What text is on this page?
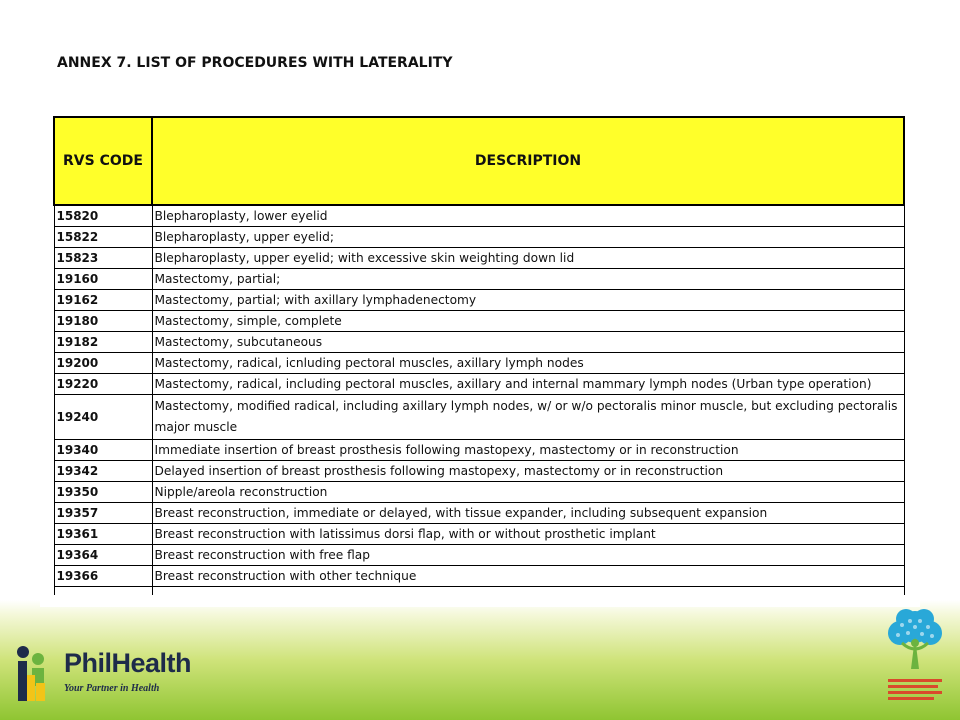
ANNEX 7. LIST OF PROCEDURES WITH LATERALITY
RVS CODE	DESCRIPTION
15820	Blepharoplasty, lower eyelid
15822	Blepharoplasty, upper eyelid;
15823	Blepharoplasty, upper eyelid; with excessive skin weighting down lid
19160	Mastectomy, partial;
19162	Mastectomy, partial; with axillary lymphadenectomy
19180	Mastectomy, simple, complete
19182	Mastectomy, subcutaneous
19200	Mastectomy, radical, icnluding pectoral muscles, axillary lymph nodes
19220	Mastectomy, radical, including pectoral muscles, axillary and internal mammary lymph nodes (Urban type operation)
19240	Mastectomy, modified radical, including axillary lymph nodes, w/ or w/o pectoralis minor muscle, but excluding pectoralis major muscle
19340	Immediate insertion of breast prosthesis following mastopexy, mastectomy or in reconstruction
19342	Delayed insertion of breast prosthesis following mastopexy, mastectomy or in reconstruction
19350	Nipple/areola reconstruction
19357	Breast reconstruction, immediate or delayed, with tissue expander, including subsequent expansion
19361	Breast reconstruction with latissimus dorsi flap, with or without prosthetic implant
19364	Breast reconstruction with free flap
19366	Breast reconstruction with other technique

PhilHealth
Your Partner in Health
